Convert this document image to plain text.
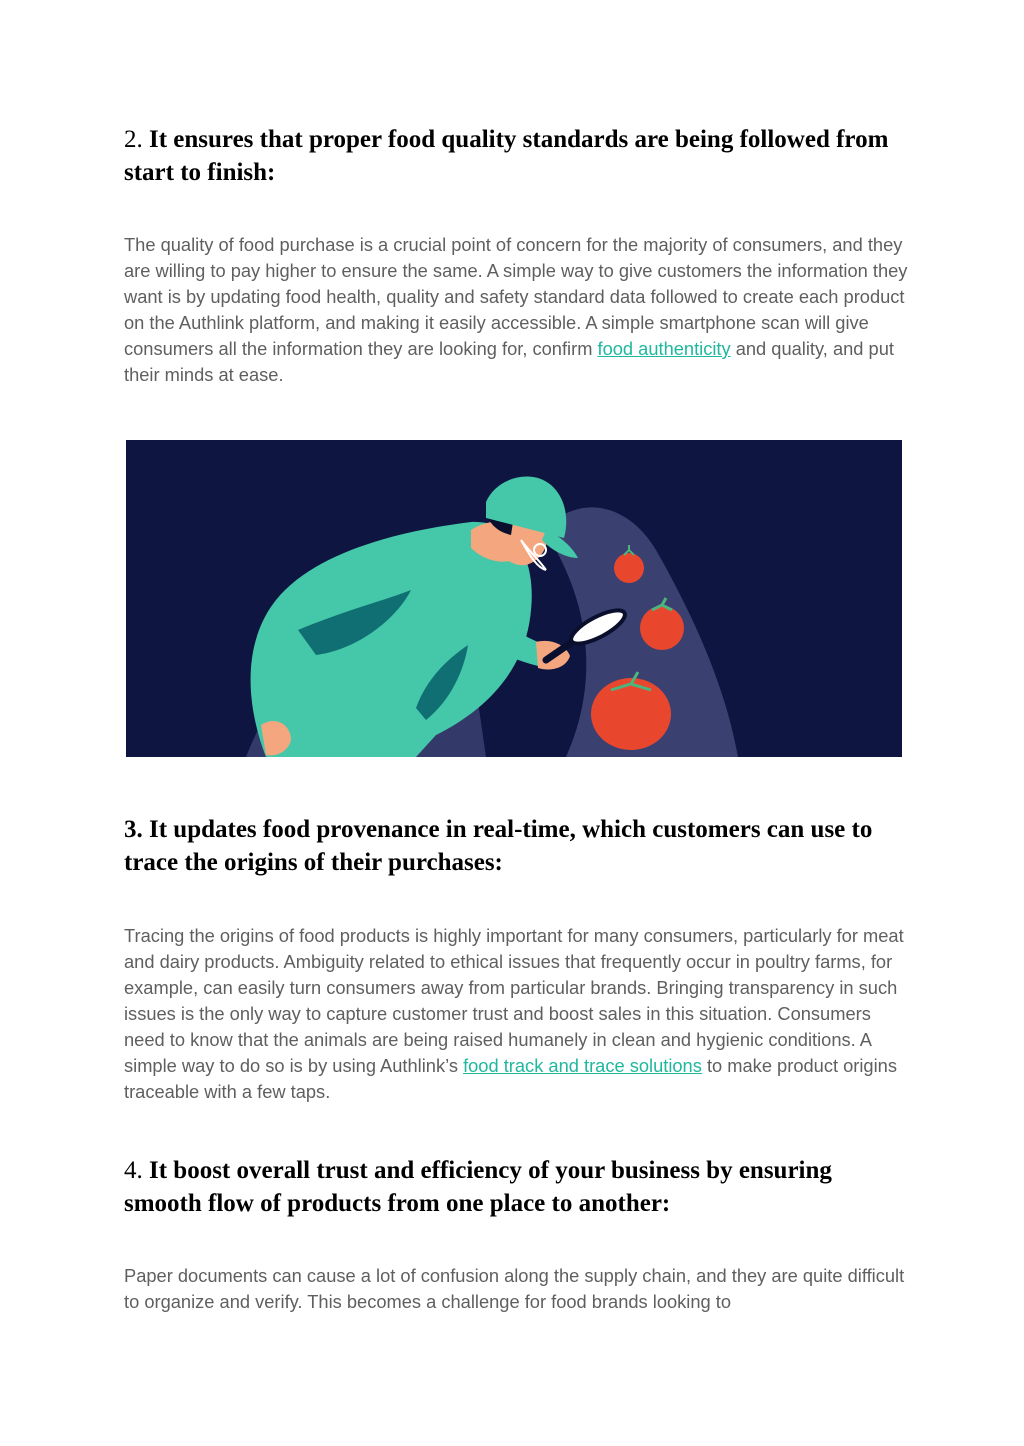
2. It ensures that proper food quality standards are being followed from start to finish:

The quality of food purchase is a crucial point of concern for the majority of consumers, and they are willing to pay higher to ensure the same. A simple way to give customers the information they want is by updating food health, quality and safety standard data followed to create each product on the Authlink platform, and making it easily accessible. A simple smartphone scan will give consumers all the information they are looking for, confirm food authenticity and quality, and put their minds at ease.

3. It updates food provenance in real-time, which customers can use to trace the origins of their purchases:

Tracing the origins of food products is highly important for many consumers, particularly for meat and dairy products. Ambiguity related to ethical issues that frequently occur in poultry farms, for example, can easily turn consumers away from particular brands. Bringing transparency in such issues is the only way to capture customer trust and boost sales in this situation. Consumers need to know that the animals are being raised humanely in clean and hygienic conditions. A simple way to do so is by using Authlink’s food track and trace solutions to make product origins traceable with a few taps.

4. It boost overall trust and efficiency of your business by ensuring smooth flow of products from one place to another:

Paper documents can cause a lot of confusion along the supply chain, and they are quite difficult to organize and verify. This becomes a challenge for food brands looking to
